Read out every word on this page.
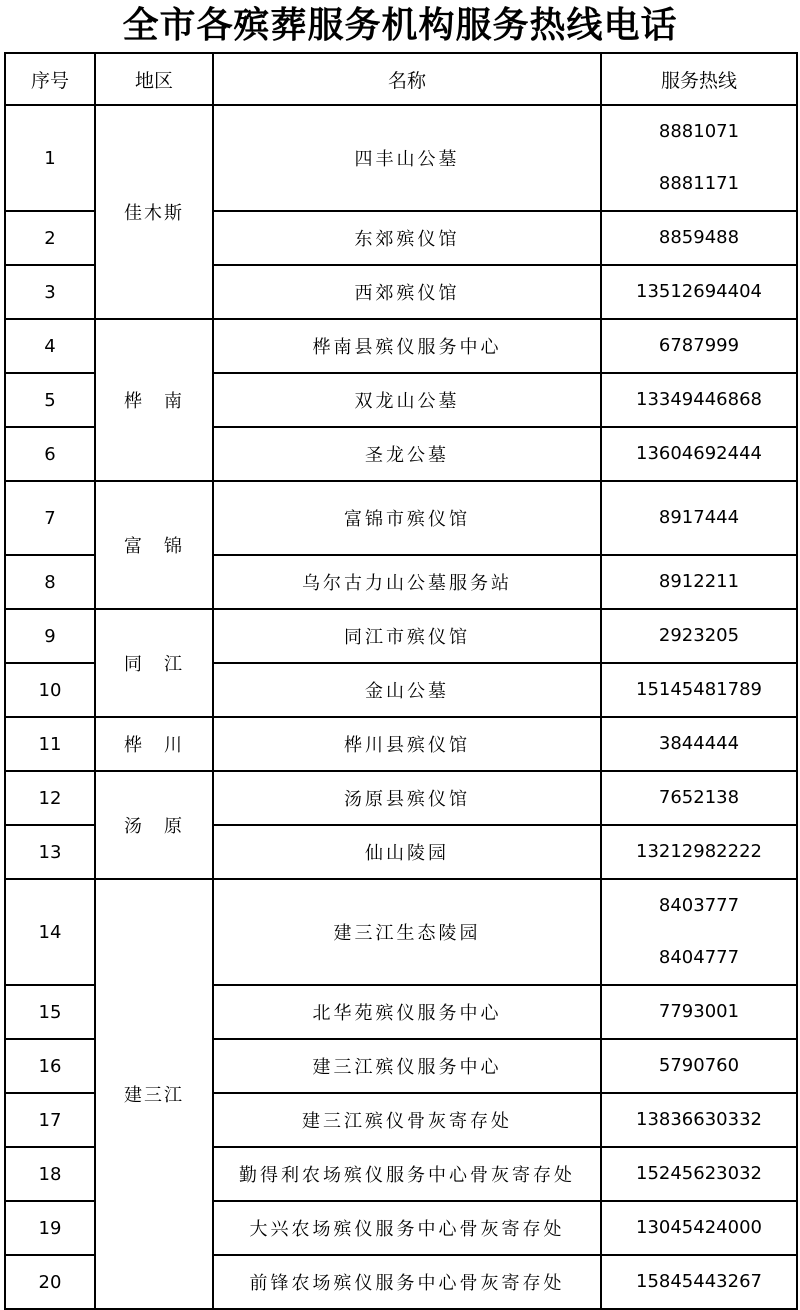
全市各殡葬服务机构服务热线电话
序号	地区	名称	服务热线
1	佳木斯	四丰山公墓	8881071
8881171

2		东郊殡仪馆	8859488

3		西郊殡仪馆	13512694404

4	桦　南	桦南县殡仪服务中心	6787999

5		双龙山公墓	13349446868

6		圣龙公墓	13604692444

7	富　锦	富锦市殡仪馆	8917444

8		乌尔古力山公墓服务站	8912211

9	同　江	同江市殡仪馆	2923205

10		金山公墓	15145481789

11	桦　川	桦川县殡仪馆	3844444

12	汤　原	汤原县殡仪馆	7652138

13		仙山陵园	13212982222

14	建三江	建三江生态陵园	8403777
8404777

15		北华苑殡仪服务中心	7793001

16		建三江殡仪服务中心	5790760

17		建三江殡仪骨灰寄存处	13836630332

18		勤得利农场殡仪服务中心骨灰寄存处	15245623032

19		大兴农场殡仪服务中心骨灰寄存处	13045424000

20		前锋农场殡仪服务中心骨灰寄存处	15845443267
